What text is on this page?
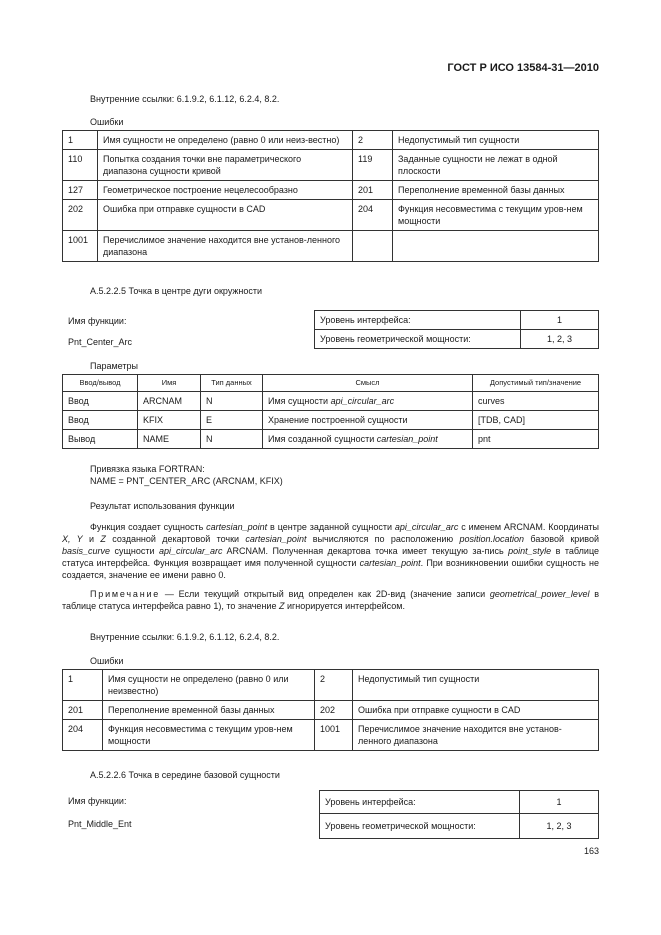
ГОСТ Р ИСО 13584-31—2010
Внутренние ссылки: 6.1.9.2, 6.1.12, 6.2.4, 8.2.
Ошибки
1	Имя сущности не определено (равно 0 или неиз-вестно)	2	Недопустимый тип сущности
110	Попытка создания точки вне параметрического диапазона сущности кривой	119	Заданные сущности не лежат в одной плоскости
127	Геометрическое построение нецелесообразно	201	Переполнение временной базы данных
202	Ошибка при отправке сущности в CAD	204	Функция несовместима с текущим уров-нем мощности
1001	Перечислимое значение находится вне установ-ленного диапазона		
А.5.2.2.5 Точка в центре дуги окружности
Имя функции:
Pnt_Center_Arc
Уровень интерфейса:	1
Уровень геометрической мощности:	1, 2, 3
Параметры
Ввод/вывод	Имя	Тип данных	Смысл	Допустимый тип/значение
Ввод	ARCNAM	N	Имя сущности api_circular_arc	curves
Ввод	KFIX	E	Хранение построенной сущности	[TDB, CAD]
Вывод	NAME	N	Имя созданной сущности cartesian_point	pnt
Привязка языка FORTRAN:
NAME = PNT_CENTER_ARC (ARCNAM, KFIX)
Результат использования функции
Функция создает сущность cartesian_point в центре заданной сущности api_circular_arc с именем ARCNAM. Координаты X, Y и Z созданной декартовой точки cartesian_point вычисляются по расположению position.location базовой кривой basis_curve сущности api_circular_arc ARCNAM. Полученная декартова точка имеет текущую за-пись point_style в таблице статуса интерфейса. Функция возвращает имя полученной сущности cartesian_point. При возникновении ошибки сущность не создается, значение ее имени равно 0.
Примечание — Если текущий открытый вид определен как 2D-вид (значение записи geometrical_power_level в таблице статуса интерфейса равно 1), то значение Z игнорируется интерфейсом.
Внутренние ссылки: 6.1.9.2, 6.1.12, 6.2.4, 8.2.
Ошибки
1	Имя сущности не определено (равно 0 или неизвестно)	2	Недопустимый тип сущности
201	Переполнение временной базы данных	202	Ошибка при отправке сущности в CAD
204	Функция несовместима с текущим уров-нем мощности	1001	Перечислимое значение находится вне установ-ленного диапазона
А.5.2.2.6 Точка в середине базовой сущности
Имя функции:
Pnt_Middle_Ent
Уровень интерфейса:	1
Уровень геометрической мощности:	1, 2, 3
163
